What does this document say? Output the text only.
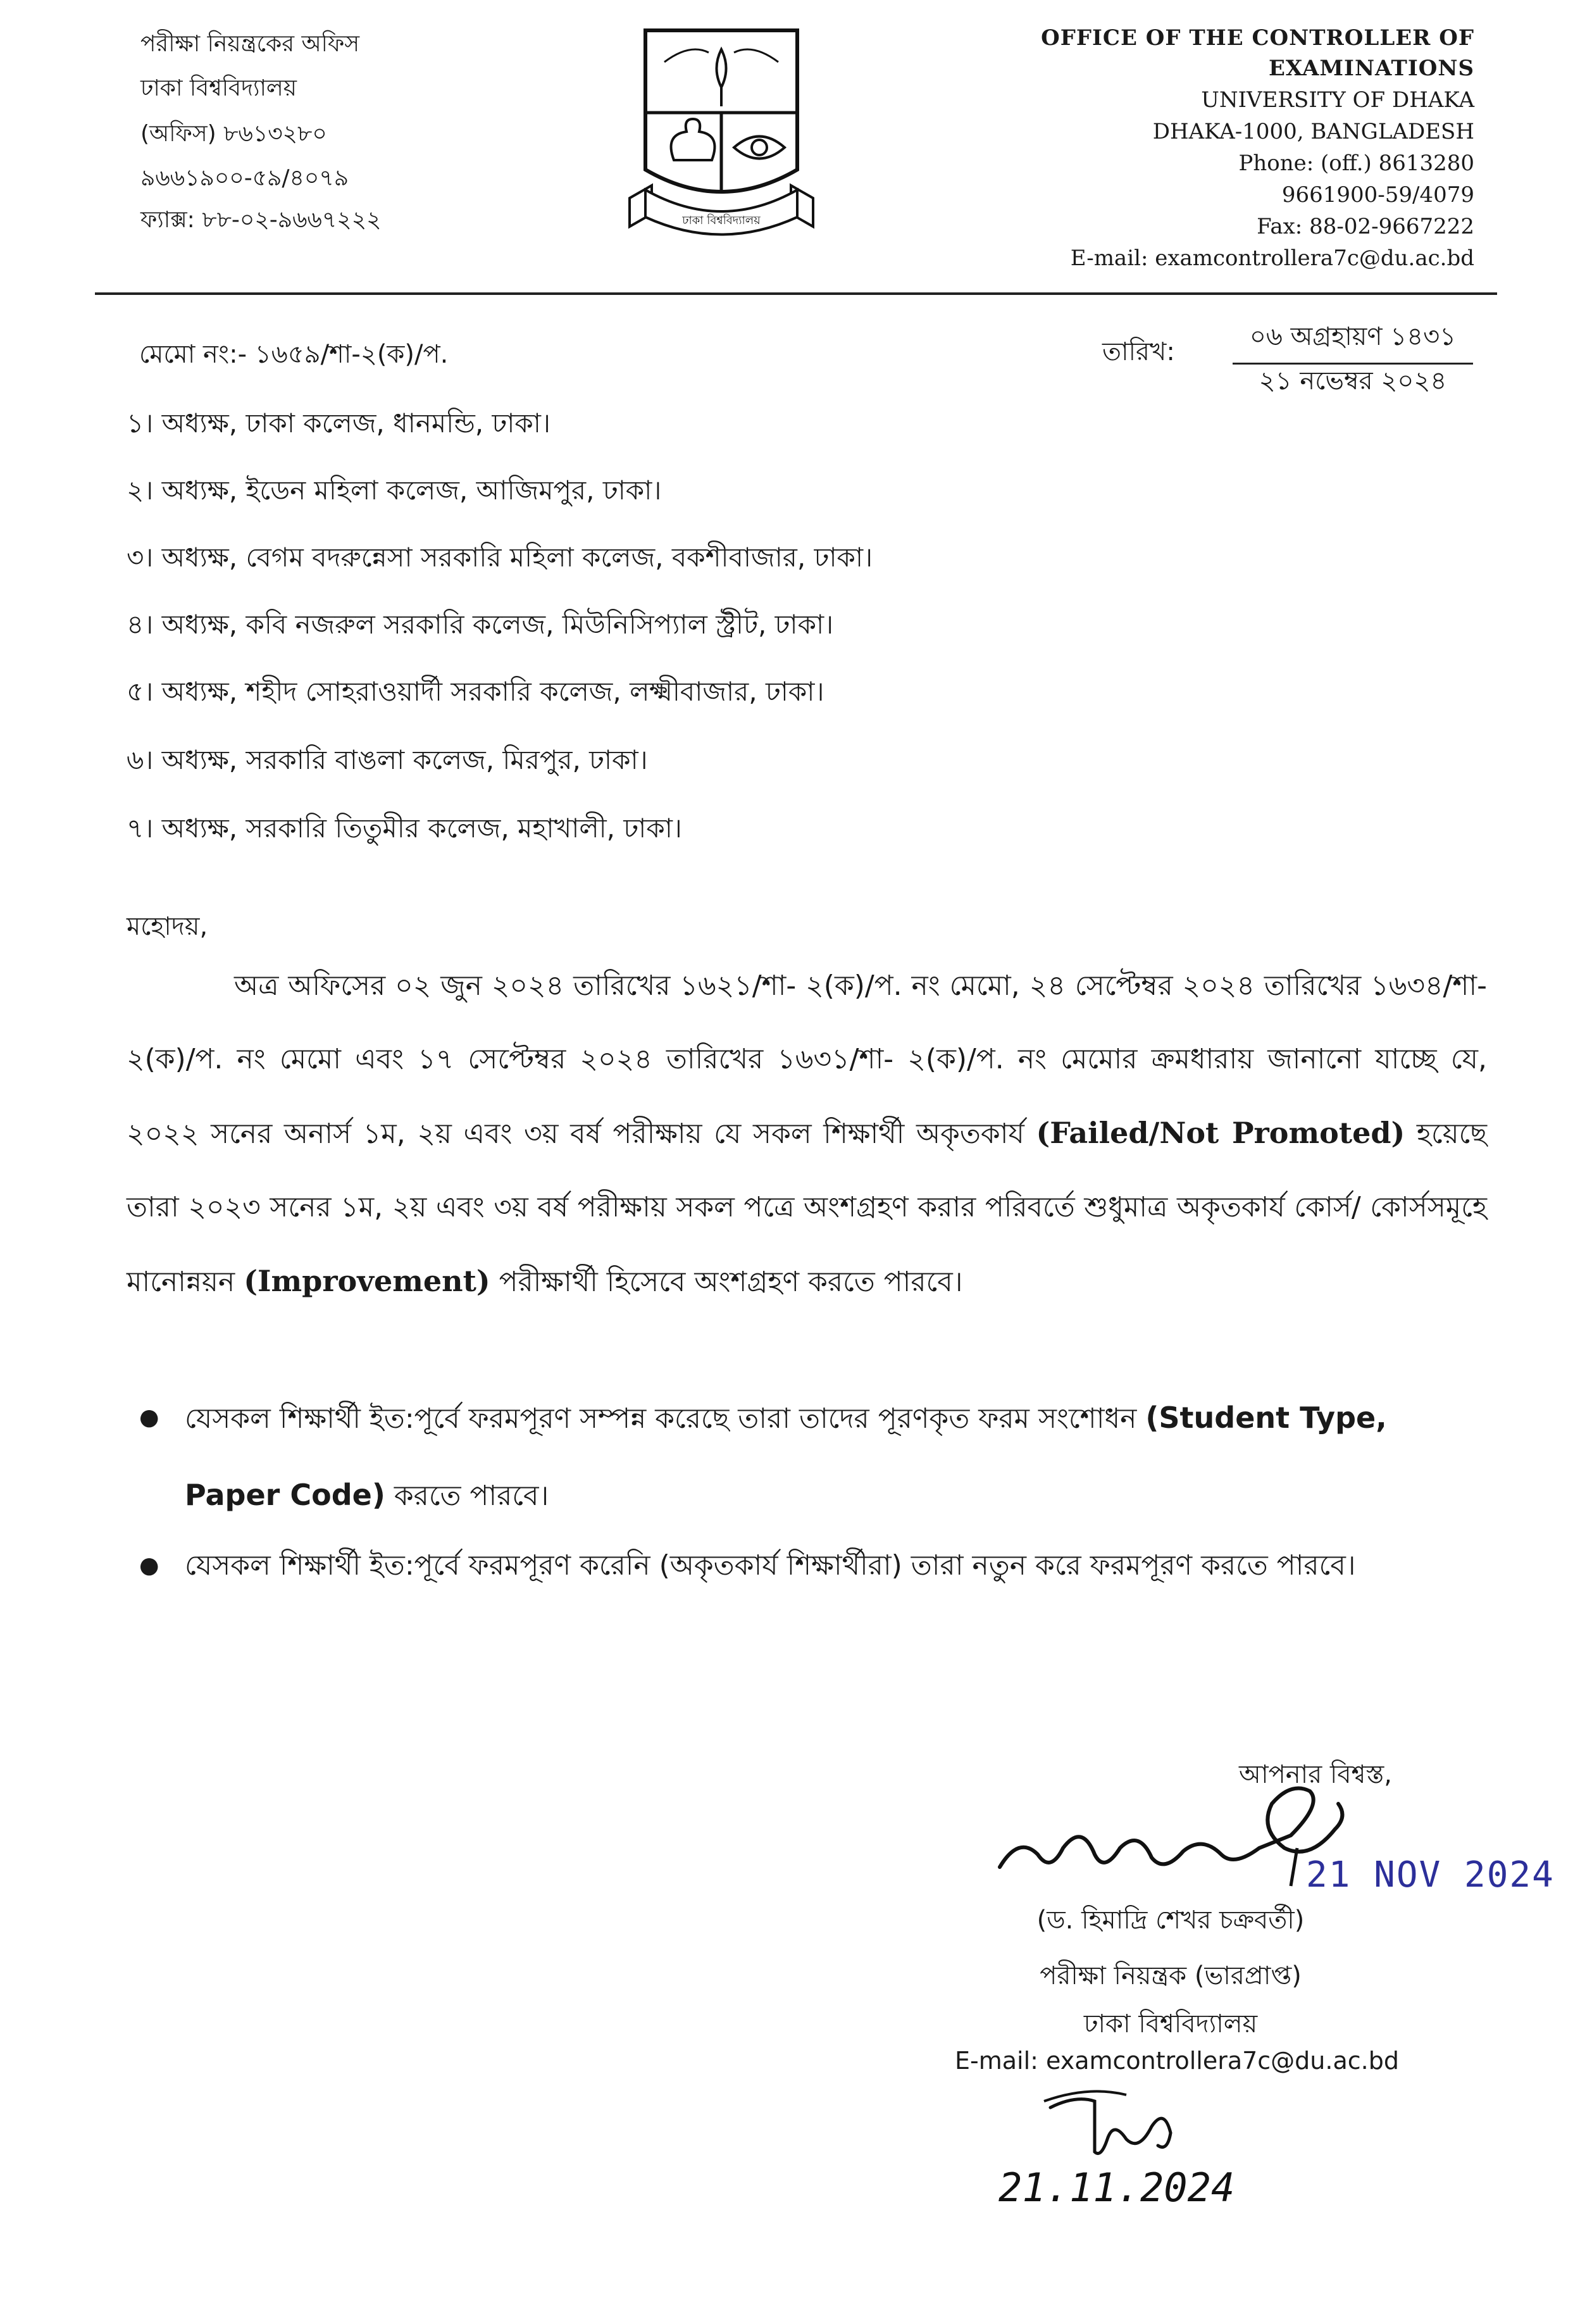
পরীক্ষা নিয়ন্ত্রকের অফিস
ঢাকা বিশ্ববিদ্যালয়
(অফিস) ৮৬১৩২৮০
৯৬৬১৯০০-৫৯/৪০৭৯
ফ্যাক্স: ৮৮-০২-৯৬৬৭২২২	ঢাকা বিশ্ববিদ্যালয়
OFFICE OF THE CONTROLLER OF
EXAMINATIONS
UNIVERSITY OF DHAKA
DHAKA-1000, BANGLADESH
Phone: (off.) 8613280
9661900-59/4079
Fax: 88-02-9667222
E-mail: examcontrollera7c@du.ac.bd
মেমো নং:- ১৬৫৯/শা-২(ক)/প.	তারিখ:
০৬ অগ্রহায়ণ ১৪৩১
২১ নভেম্বর ২০২৪
১। অধ্যক্ষ, ঢাকা কলেজ, ধানমন্ডি, ঢাকা।
২। অধ্যক্ষ, ইডেন মহিলা কলেজ, আজিমপুর, ঢাকা।
৩। অধ্যক্ষ, বেগম বদরুন্নেসা সরকারি মহিলা কলেজ, বকশীবাজার, ঢাকা।
৪। অধ্যক্ষ, কবি নজরুল সরকারি কলেজ, মিউনিসিপ্যাল স্ট্রীট, ঢাকা।
৫। অধ্যক্ষ, শহীদ সোহরাওয়ার্দী সরকারি কলেজ, লক্ষ্মীবাজার, ঢাকা।
৬। অধ্যক্ষ, সরকারি বাঙলা কলেজ, মিরপুর, ঢাকা।
৭। অধ্যক্ষ, সরকারি তিতুমীর কলেজ, মহাখালী, ঢাকা।
মহোদয়,
অত্র অফিসের ০২ জুন ২০২৪ তারিখের ১৬২১/শা- ২(ক)/প. নং মেমো, ২৪ সেপ্টেম্বর ২০২৪ তারিখের ১৬৩৪/শা- ২(ক)/প. নং মেমো এবং ১৭ সেপ্টেম্বর ২০২৪ তারিখের ১৬৩১/শা- ২(ক)/প. নং মেমোর ক্রমধারায় জানানো যাচ্ছে যে, ২০২২ সনের অনার্স ১ম, ২য় এবং ৩য় বর্ষ পরীক্ষায় যে সকল শিক্ষার্থী অকৃতকার্য (Failed/Not Promoted) হয়েছে তারা ২০২৩ সনের ১ম, ২য় এবং ৩য় বর্ষ পরীক্ষায় সকল পত্রে অংশগ্রহণ করার পরিবর্তে শুধুমাত্র অকৃতকার্য কোর্স/ কোর্সসমূহে মানোন্নয়ন (Improvement) পরীক্ষার্থী হিসেবে অংশগ্রহণ করতে পারবে।
● যেসকল শিক্ষার্থী ইত:পূর্বে ফরমপূরণ সম্পন্ন করেছে তারা তাদের পূরণকৃত ফরম সংশোধন (Student Type, Paper Code) করতে পারবে।
● যেসকল শিক্ষার্থী ইত:পূর্বে ফরমপূরণ করেনি (অকৃতকার্য শিক্ষার্থীরা) তারা নতুন করে ফরমপূরণ করতে পারবে।
আপনার বিশ্বস্ত,
21 NOV 2024
(ড. হিমাদ্রি শেখর চক্রবর্তী)
পরীক্ষা নিয়ন্ত্রক (ভারপ্রাপ্ত)
ঢাকা বিশ্ববিদ্যালয়
E-mail: examcontrollera7c@du.ac.bd
21.11.2024
